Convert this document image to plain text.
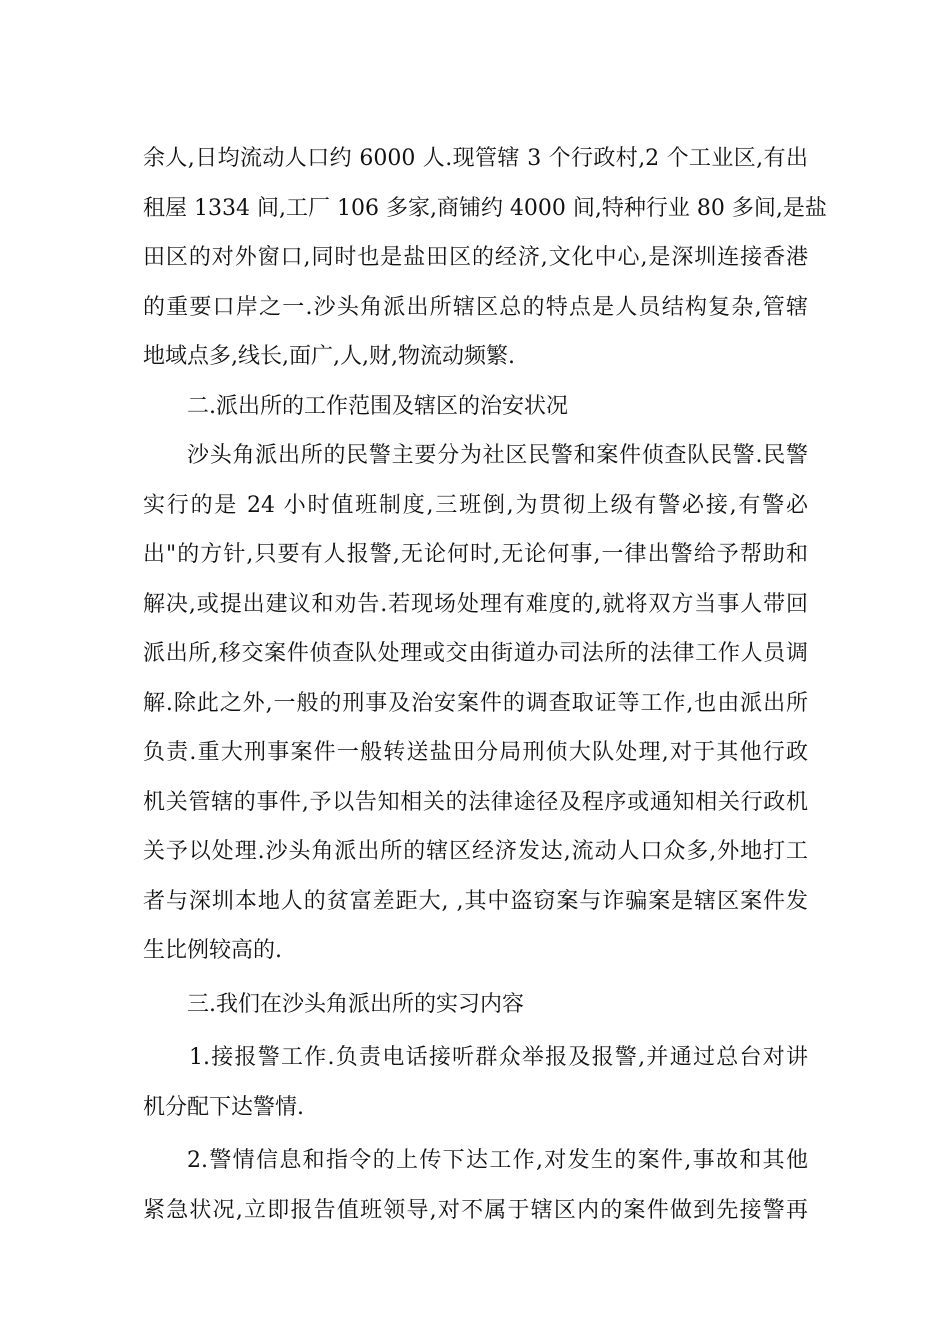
余人,日均流动人口约 6000 人.现管辖 3 个行政村,2 个工业区,有出
租屋 1334 间,工厂 106 多家,商铺约 4000 间,特种行业 80 多间,是盐
田区的对外窗口,同时也是盐田区的经济,文化中心,是深圳连接香港
的重要口岸之一.沙头角派出所辖区总的特点是人员结构复杂,管辖
地域点多,线长,面广,人,财,物流动频繁.
二.派出所的工作范围及辖区的治安状况
沙头角派出所的民警主要分为社区民警和案件侦查队民警.民警
实行的是 24 小时值班制度,三班倒,为贯彻上级有警必接,有警必
出"的方针,只要有人报警,无论何时,无论何事,一律出警给予帮助和
解决,或提出建议和劝告.若现场处理有难度的,就将双方当事人带回
派出所,移交案件侦查队处理或交由街道办司法所的法律工作人员调
解.除此之外,一般的刑事及治安案件的调查取证等工作,也由派出所
负责.重大刑事案件一般转送盐田分局刑侦大队处理,对于其他行政
机关管辖的事件,予以告知相关的法律途径及程序或通知相关行政机
关予以处理.沙头角派出所的辖区经济发达,流动人口众多,外地打工
者与深圳本地人的贫富差距大, ,其中盗窃案与诈骗案是辖区案件发
生比例较高的.
三.我们在沙头角派出所的实习内容
1.接报警工作.负责电话接听群众举报及报警,并通过总台对讲
机分配下达警情.
2.警情信息和指令的上传下达工作,对发生的案件,事故和其他
紧急状况,立即报告值班领导,对不属于辖区内的案件做到先接警再
